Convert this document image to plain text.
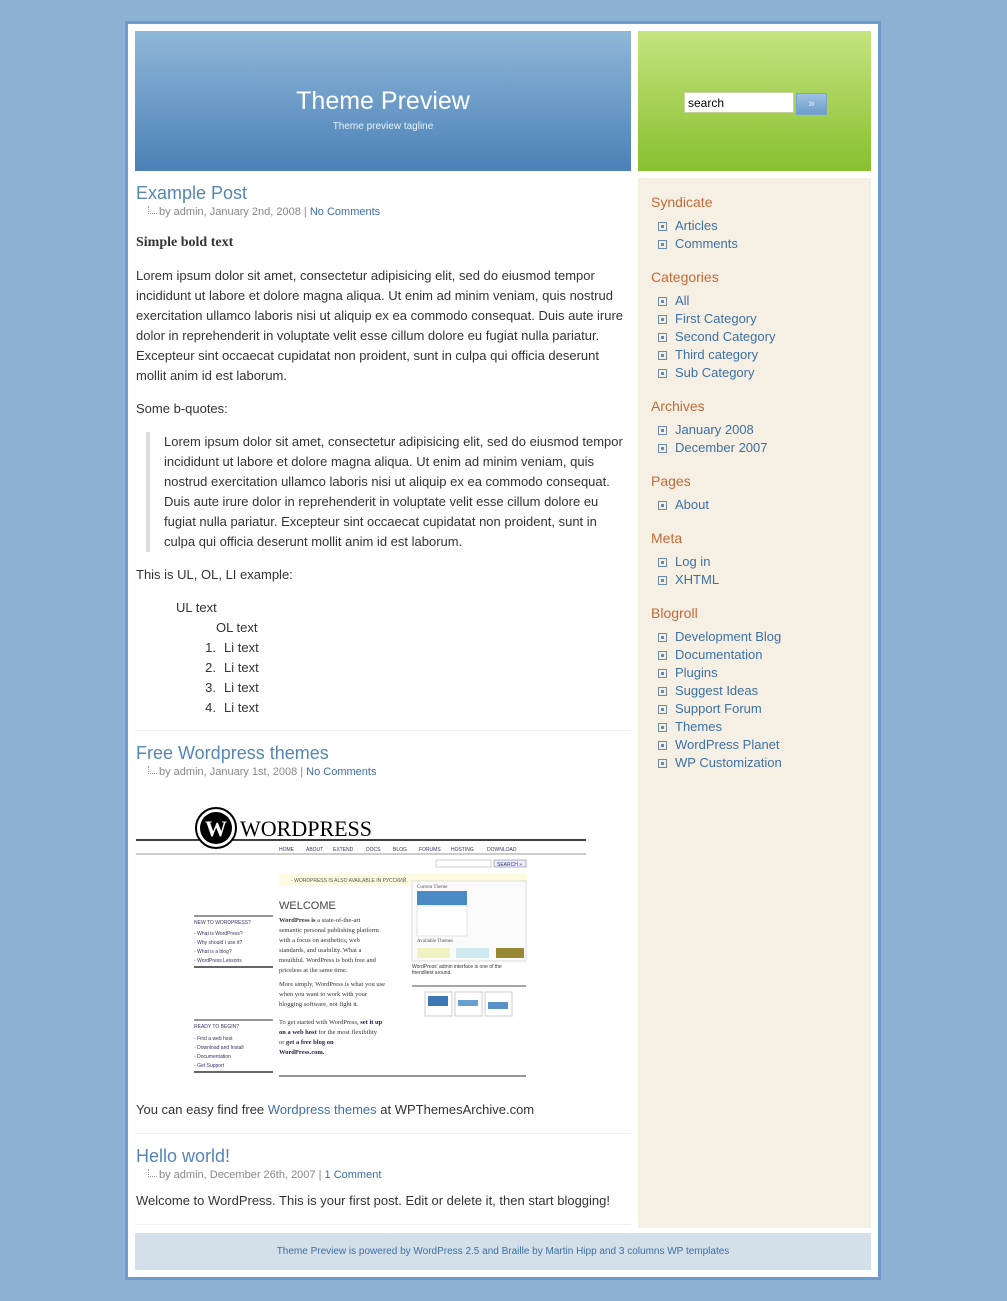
Theme Preview
Theme preview tagline
search
»
Example Post
by admin, January 2nd, 2008 | No Comments

Simple bold text

Lorem ipsum dolor sit amet, consectetur adipisicing elit, sed do eiusmod tempor incididunt ut labore et dolore magna aliqua. Ut enim ad minim veniam, quis nostrud exercitation ullamco laboris nisi ut aliquip ex ea commodo consequat. Duis aute irure dolor in reprehenderit in voluptate velit esse cillum dolore eu fugiat nulla pariatur. Excepteur sint occaecat cupidatat non proident, sunt in culpa qui officia deserunt mollit anim id est laborum.

Some b-quotes:

Lorem ipsum dolor sit amet, consectetur adipisicing elit, sed do eiusmod tempor incididunt ut labore et dolore magna aliqua. Ut enim ad minim veniam, quis nostrud exercitation ullamco laboris nisi ut aliquip ex ea commodo consequat. Duis aute irure dolor in reprehenderit in voluptate velit esse cillum dolore eu fugiat nulla pariatur. Excepteur sint occaecat cupidatat non proident, sunt in culpa qui officia deserunt mollit anim id est laborum.

This is UL, OL, LI example:

UL text
OL text
1. Li text
2. Li text
3. Li text
4. Li text
Free Wordpress themes
by admin, January 1st, 2008 | No Comments
W WORDPRESS
HOME ABOUT EXTEND	DOCS	BLOG FORUMS HOSTING	DOWNLOAD
SEARCH »
◦ WORDPRESS IS ALSO AVAILABLE IN РУССКИЙ.
WELCOME
NEW TO WORDPRESS?
◦ What is WordPress?
◦ Why should I use it?
◦ What is a blog?
◦ WordPress Lessons
READY TO BEGIN?
◦ Find a web host
◦ Download and Install
◦ Documentation
◦ Get Support
WordPress is a state-of-the-art
semantic personal publishing platform
with a focus on aesthetics, web
standards, and usability. What a
mouthful. WordPress is both free and
priceless at the same time.
More simply, WordPress is what you use
when you want to work with your
blogging software, not fight it.
To get started with WordPress, set it up
on a web host for the most flexibility
or get a free blog on
WordPress.com.
Current Theme
Available Themes
WordPress' admin interface is one of the
friendliest around.

You can easy find free Wordpress themes at WPThemesArchive.com

Hello world!
by admin, December 26th, 2007 | 1 Comment

Welcome to WordPress. This is your first post. Edit or delete it, then start blogging!

Syndicate
Articles
Comments
Categories
All
First Category
Second Category
Third category
Sub Category
Archives
January 2008
December 2007
Pages
About
Meta
Log in
XHTML
Blogroll
Development Blog
Documentation
Plugins
Suggest Ideas
Support Forum
Themes
WordPress Planet
WP Customization
Theme Preview is powered by WordPress 2.5 and Braille by Martin Hipp and 3 columns WP templates
